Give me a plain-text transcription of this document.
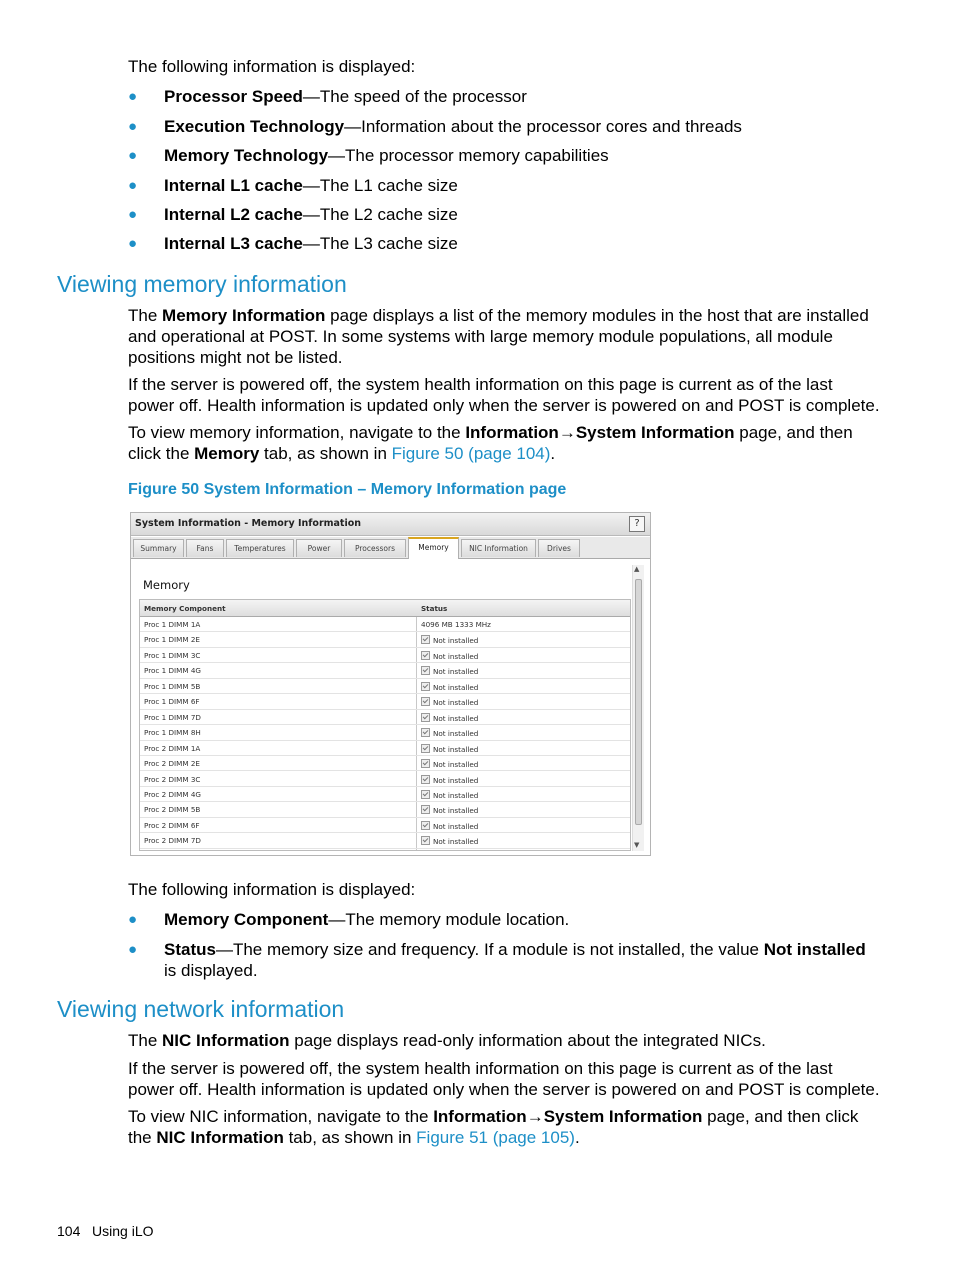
The following information is displayed:
● Processor Speed—The speed of the processor
● Execution Technology—Information about the processor cores and threads
● Memory Technology—The processor memory capabilities
● Internal L1 cache—The L1 cache size
● Internal L2 cache—The L2 cache size
● Internal L3 cache—The L3 cache size
Viewing memory information
The Memory Information page displays a list of the memory modules in the host that are installed
and operational at POST. In some systems with large memory module populations, all module
positions might not be listed.
If the server is powered off, the system health information on this page is current as of the last
power off. Health information is updated only when the server is powered on and POST is complete.
To view memory information, navigate to the Information→System Information page, and then
click the Memory tab, as shown in Figure 50 (page 104).
Figure 50 System Information – Memory Information page
System Information - Memory Information	?
Summary	Fans	Temperatures	Power	Processors	Memory	NIC Information	Drives
Memory
Memory Component	Status
Proc 1 DIMM 1A	4096 MB 1333 MHz
Proc 1 DIMM 2E	Not installed
Proc 1 DIMM 3C	Not installed
Proc 1 DIMM 4G	Not installed
Proc 1 DIMM 5B	Not installed
Proc 1 DIMM 6F	Not installed
Proc 1 DIMM 7D	Not installed
Proc 1 DIMM 8H	Not installed
Proc 2 DIMM 1A	Not installed
Proc 2 DIMM 2E	Not installed
Proc 2 DIMM 3C	Not installed
Proc 2 DIMM 4G	Not installed
Proc 2 DIMM 5B	Not installed
Proc 2 DIMM 6F	Not installed
Proc 2 DIMM 7D	Not installed
▲
▼
The following information is displayed:
● Memory Component—The memory module location.
● Status—The memory size and frequency. If a module is not installed, the value Not installed
is displayed.
Viewing network information
The NIC Information page displays read-only information about the integrated NICs.
If the server is powered off, the system health information on this page is current as of the last
power off. Health information is updated only when the server is powered on and POST is complete.
To view NIC information, navigate to the Information→System Information page, and then click
the NIC Information tab, as shown in Figure 51 (page 105).
104 Using iLO
